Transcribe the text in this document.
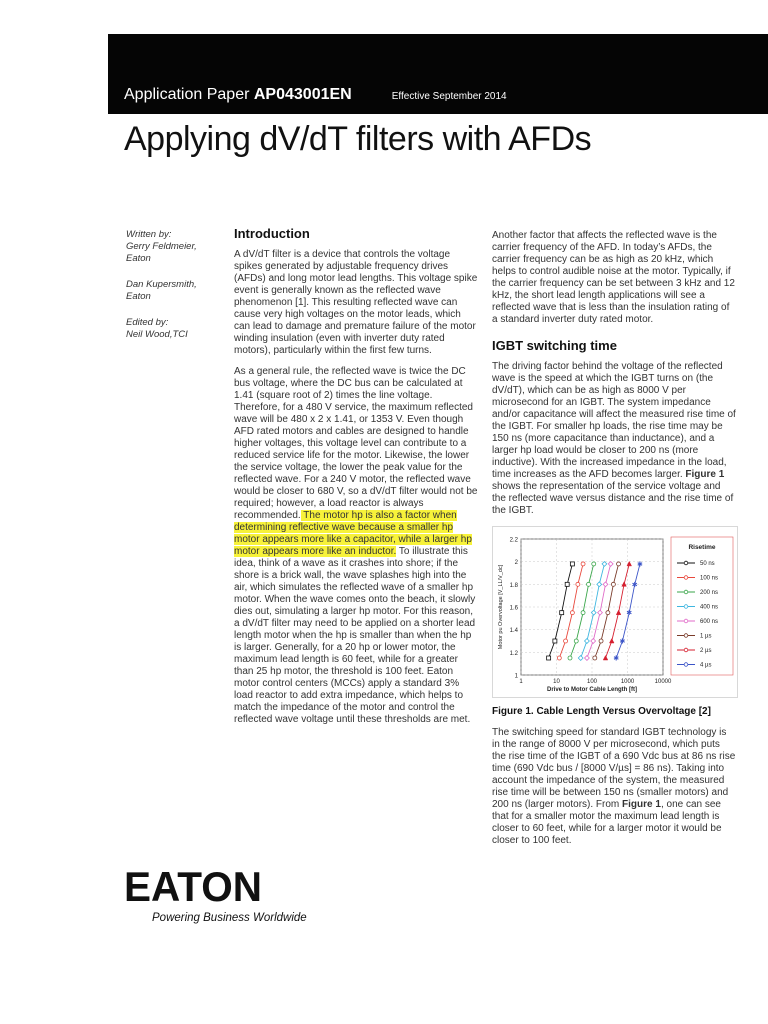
Application Paper AP043001EN	Effective September 2014
Applying dV/dT filters with AFDs
Written by:
Gerry Feldmeier,
Eaton
Dan Kupersmith,
Eaton
Edited by:
Neil Wood,TCI
Introduction

A dV/dT filter is a device that controls the voltage spikes generated by adjustable frequency drives (AFDs) and long motor lead lengths. This voltage spike event is generally known as the reflected wave phenomenon [1]. This resulting reflected wave can cause very high voltages on the motor leads, which can lead to damage and premature failure of the motor winding insulation (even with inverter duty rated motors), particularly within the first few turns.

As a general rule, the reflected wave is twice the DC bus voltage, where the DC bus can be calculated at 1.41 (square root of 2) times the line voltage. Therefore, for a 480 V service, the maximum reflected wave will be 480 x 2 x 1.41, or 1353 V. Even though AFD rated motors and cables are designed to handle higher voltages, this voltage level can contribute to a reduced service life for the motor. Likewise, the lower the service voltage, the lower the peak value for the reflected wave. For a 240 V motor, the reflected wave would be closer to 680 V, so a dV/dT filter would not be required; however, a load reactor is always recommended. The motor hp is also a factor when determining reflective wave because a smaller hp motor appears more like a capacitor, while a larger hp motor appears more like an inductor. To illustrate this idea, think of a wave as it crashes into shore; if the shore is a brick wall, the wave splashes high into the air, which simulates the reflected wave of a smaller hp motor. When the wave comes onto the beach, it slowly dies out, simulating a larger hp motor. For this reason, a dV/dT filter may need to be applied on a shorter lead length motor when the hp is smaller than when the hp is larger. Generally, for a 20 hp or lower motor, the maximum lead length is 60 feet, while for a greater than 25 hp motor, the threshold is 100 feet. Eaton motor control centers (MCCs) apply a standard 3% load reactor to add extra impedance, which helps to match the impedance of the motor and control the reflected wave voltage until these thresholds are met.

Another factor that affects the reflected wave is the carrier frequency of the AFD. In today’s AFDs, the carrier frequency can be as high as 20 kHz, which helps to control audible noise at the motor. Typically, if the carrier frequency can be set between 3 kHz and 12 kHz, the short lead length applications will see a reflected wave that is less than the insulation rating of a standard inverter duty rated motor.

IGBT switching time

The driving factor behind the voltage of the reflected wave is the speed at which the IGBT turns on (the dV/dT), which can be as high as 8000 V per microsecond for an IGBT. The system impedance and/or capacitance will affect the measured rise time of the IGBT. For smaller hp loads, the rise time may be 150 ns (more capacitance than inductance), and a larger hp load would be closer to 200 ns (more inductive). With the increased impedance in the load, time increases as the AFD becomes larger. Figure 1 shows the representation of the service voltage and the reflected wave versus distance and the rise time of the IGBT.

1
1.2
1.4
1.6
1.8
2
2.2
1	10	100	1000	10000
Drive to Motor Cable Length [ft]
Motor pu Overvoltage [V_LL/V_dc]
✱
✱
✱
✱
✱
Risetime
50 ns
100 ns
200 ns
400 ns
600 ns
1 µs
2 µs
4 µs

Figure 1. Cable Length Versus Overvoltage [2]

The switching speed for standard IGBT technology is in the range of 8000 V per microsecond, which puts the rise time of the IGBT of a 690 Vdc bus at 86 ns rise time (690 Vdc bus / [8000 V/µs] = 86 ns). Taking into account the impedance of the system, the measured rise time will be between 150 ns (smaller motors) and 200 ns (larger motors). From Figure 1, one can see that for a smaller motor the maximum lead length is closer to 60 feet, while for a larger motor it would be closer to 100 feet.

EATON
Powering Business Worldwide
